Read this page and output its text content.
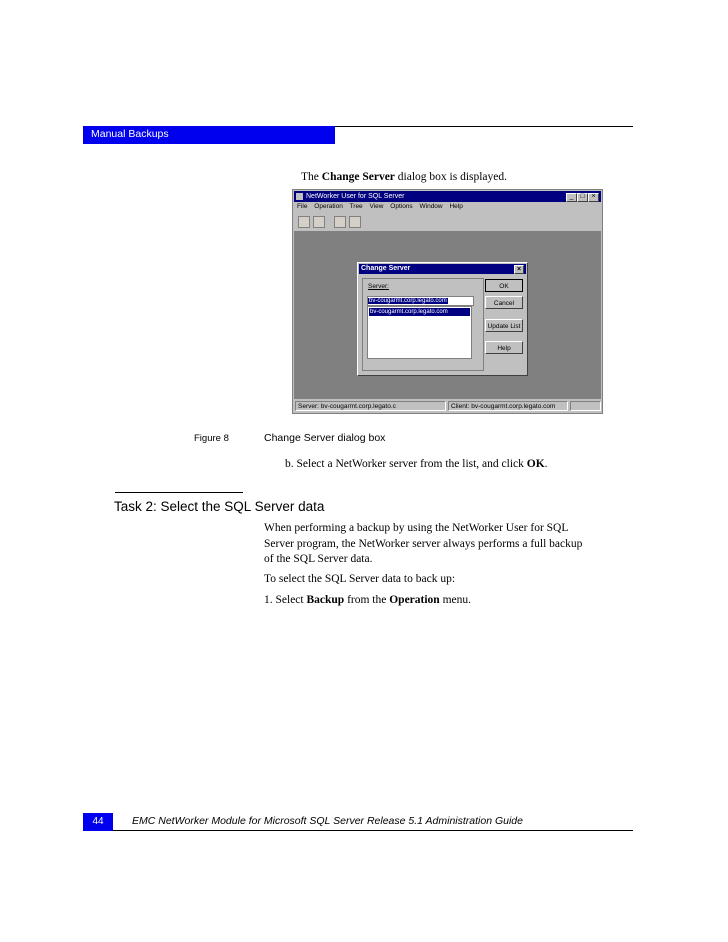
Manual Backups
The Change Server dialog box is displayed.
NetWorker User for SQL Server	_ □ ×
File Operation Tree View Options Window Help
Server: bv-cougarmt.corp.legato.c	Client: bv-cougarmt.corp.legato.com
Change Server	×
Server:
bv-cougarmt.corp.legato.com
bv-cougarmt.corp.legato.com
OK
Cancel
Update List
Help
Figure 8	Change Server dialog box
b. Select a NetWorker server from the list, and click OK.
Task 2: Select the SQL Server data
When performing a backup by using the NetWorker User for SQL
Server program, the NetWorker server always performs a full backup
of the SQL Server data.
To select the SQL Server data to back up:
1. Select Backup from the Operation menu.
44	EMC NetWorker Module for Microsoft SQL Server Release 5.1 Administration Guide
